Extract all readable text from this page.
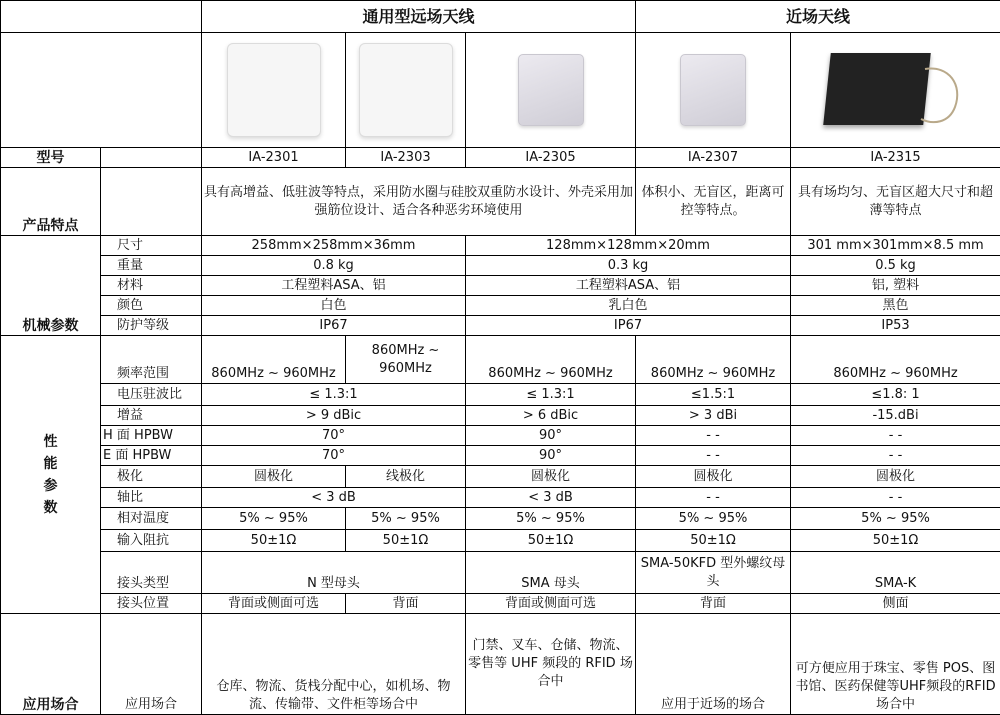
		通用型远场天线			近场天线	

型号		IA-2301	IA-2303	IA-2305	IA-2307	IA-2315
产品特点		具有高增益、低驻波等特点，采用防水圈与硅胶双重防水设计、外壳采用加强筋位设计、适合各种恶劣环境使用			体积小、无盲区，距离可控等特点。	具有场均匀、无盲区超大尺寸和超薄等特点
机械参数	尺寸	258mm×258mm×36mm		128mm×128mm×20mm		301 mm×301mm×8.5 mm
	重量	0.8 kg		0.3 kg		0.5 kg
	材料	工程塑料ASA、铝		工程塑料ASA、铝		铝, 塑料
	颜色	白色		乳白色		黑色
	防护等级	IP67		IP67		IP53

性
能
参
数	频率范围	860MHz ~ 960MHz	860MHz ~ 960MHz	860MHz ~ 960MHz	860MHz ~ 960MHz	860MHz ~ 960MHz
	电压驻波比	≤ 1.3:1		≤ 1.3:1	≤1.5:1	≤1.8: 1
	增益	> 9 dBic		> 6 dBic	> 3 dBi	-15.dBi
	H 面 HPBW	70°		90°	- -	- -
	E 面 HPBW	70°		90°	- -	- -
	极化	圆极化	线极化	圆极化	圆极化	圆极化
	轴比	< 3 dB		< 3 dB	- -	- -
	相对温度	5% ~ 95%	5% ~ 95%	5% ~ 95%	5% ~ 95%	5% ~ 95%
	输入阻抗	50±1Ω	50±1Ω	50±1Ω	50±1Ω	50±1Ω
	接头类型	N 型母头		SMA 母头	SMA-50KFD 型外螺纹母头	SMA-K
	接头位置	背面或侧面可选	背面	背面或侧面可选	背面	侧面
应用场合	应用场合	仓库、物流、货栈分配中心，如机场、物流、传输带、文件柜等场合中		门禁、叉车、仓储、物流、零售等 UHF 频段的 RFID 场合中	应用于近场的场合	可方便应用于珠宝、零售 POS、图书馆、医药保健等UHF频段的RFID场合中
